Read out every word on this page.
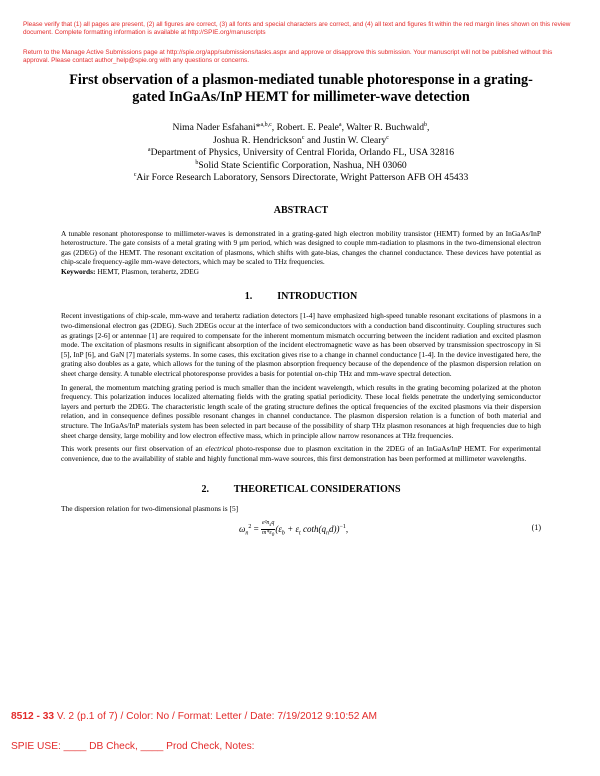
Please verify that (1) all pages are present, (2) all figures are correct, (3) all fonts and special characters are correct, and (4) all text and figures fit within the red margin lines shown on this review document. Complete formatting information is available at http://SPIE.org/manuscripts
Return to the Manage Active Submissions page at http://spie.org/app/submissions/tasks.aspx and approve or disapprove this submission. Your manuscript will not be published without this approval. Please contact author_help@spie.org with any questions or concerns.
First observation of a plasmon-mediated tunable photoresponse in a grating-gated InGaAs/InP HEMT for millimeter-wave detection
Nima Nader Esfahani*$^{a,b,c}$, Robert. E. Peale$^a$, Walter R. Buchwald$^b$,
Joshua R. Hendrickson$^c$ and Justin W. Cleary$^c$
$^a$Department of Physics, University of Central Florida, Orlando FL, USA 32816
$^b$Solid State Scientific Corporation, Nashua, NH 03060
$^c$Air Force Research Laboratory, Sensors Directorate, Wright Patterson AFB OH 45433
ABSTRACT

A tunable resonant photoresponse to millimeter-waves is demonstrated in a grating-gated high electron mobility transistor (HEMT) formed by an InGaAs/InP heterostructure. The gate consists of a metal grating with 9 μm period, which was designed to couple mm-radiation to plasmons in the two-dimensional electron gas (2DEG) of the HEMT. The resonant excitation of plasmons, which shifts with gate-bias, changes the channel conductance. These devices have potential as chip-scale frequency-agile mm-wave detectors, which may be scaled to THz frequencies.

Keywords: HEMT, Plasmon, terahertz, 2DEG

1.          INTRODUCTION

Recent investigations of chip-scale, mm-wave and terahertz radiation detectors [1-4] have emphasized high-speed tunable resonant excitations of plasmons in a two-dimensional electron gas (2DEG). Such 2DEGs occur at the interface of two semiconductors with a conduction band discontinuity. Coupling structures such as gratings [2-6] or antennae [1] are required to compensate for the inherent momentum mismatch occurring between the incident radiation and excited plasmon mode. The excitation of plasmons results in significant absorption of the incident electromagnetic wave as has been observed by transmission spectroscopy in Si [5], InP [6], and GaN [7] materials systems. In some cases, this excitation gives rise to a change in channel conductance [1-4]. In the device investigated here, the grating also doubles as a gate, which allows for the tuning of the plasmon absorption frequency because of the dependence of the plasmon dispersion relation on sheet charge density. A tunable electrical photoresponse provides a basis for potential on-chip THz and mm-wave spectral detection.

In general, the momentum matching grating period is much smaller than the incident wavelength, which results in the grating becoming polarized at the photon frequency. This polarization induces localized alternating fields with the grating spatial periodicity. These local fields penetrate the underlying semiconductor layers and perturb the 2DEG. The characteristic length scale of the grating structure defines the optical frequencies of the excited plasmons via their dispersion relation, and in consequence defines possible resonant changes in channel conductance. The plasmon dispersion relation is a function of both material and structure. The InGaAs/InP materials system has been selected in part because of the possibility of sharp THz plasmon resonances at high frequencies due to high sheet charge density, large mobility and low electron effective mass, which in principle allow narrow resonances at THz frequencies.

This work presents our first observation of an electrical photo-response due to plasmon excitation in the 2DEG of an InGaAs/InP HEMT. For experimental convenience, due to the availability of stable and highly functional mm-wave sources, this first demonstration has been performed at millimeter wavelengths.

2.          THEORETICAL CONSIDERATIONS

The dispersion relation for two-dimensional plasmons is [5]

$\omega_n^2 = \frac{e^2n_sq}{m*\varepsilon_0} (\varepsilon_b + \varepsilon_t$ $\cot h(q_nd))^{-1}$,	(1)
8512 - 33 V. 2 (p.1 of 7) / Color: No / Format: Letter / Date: 7/19/2012 9:10:52 AM
SPIE USE: ____ DB Check, ____ Prod Check, Notes:
